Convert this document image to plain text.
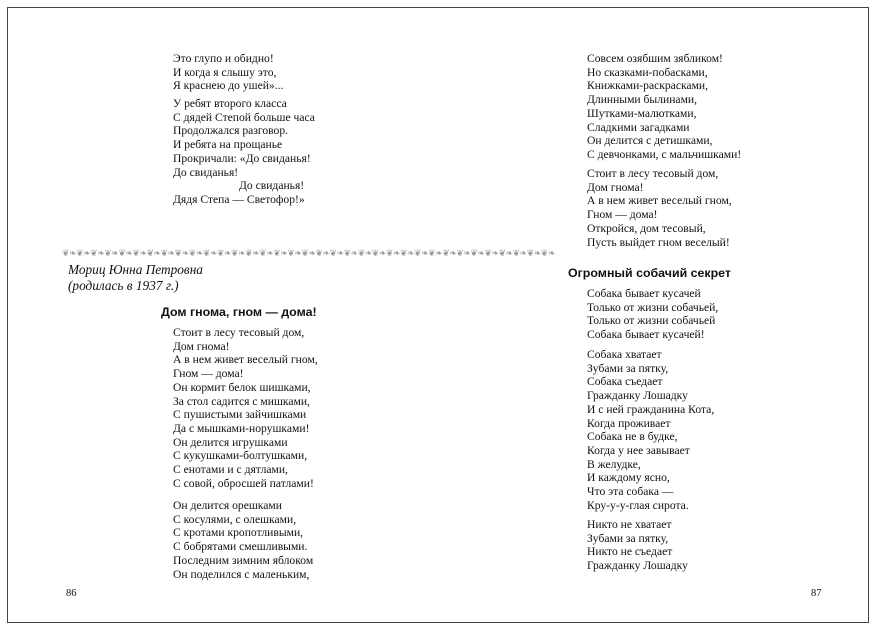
Это глупо и обидно!
И когда я слышу это,
Я краснею до ушей»...
У ребят второго класса
С дядей Степой больше часа
Продолжался разговор.
И ребята на прощанье
Прокричали: «До свиданья!
До свиданья!
До свиданья!
Дядя Степа — Светофор!»
❦❧❦❧❦❧❦❧❦❧❦❧❦❧❦❧❦❧❦❧❦❧❦❧❦❧❦❧❦❧❦❧❦❧❦❧❦❧❦❧❦❧❦❧❦❧❦❧❦❧❦❧❦❧❦❧❦❧❦❧❦❧❦❧❦❧❦❧❦❧
Мориц Юнна Петровна
(родилась в 1937 г.)
Дом гнома, гном — дома!
Стоит в лесу тесовый дом,
Дом гнома!
А в нем живет веселый гном,
Гном — дома!
Он кормит белок шишками,
За стол садится с мишками,
С пушистыми зайчишками
Да с мышками-норушками!
Он делится игрушками
С кукушками-болтушками,
С енотами и с дятлами,
С совой, обросшей патлами!
Он делится орешками
С косулями, с олешками,
С кротами кропотливыми,
С бобрятами смешливыми.
Последним зимним яблоком
Он поделился с маленьким,
86
Совсем озябшим зябликом!
Но сказками-побасками,
Книжками-раскрасками,
Длинными былинами,
Шутками-малютками,
Сладкими загадками
Он делится с детишками,
С девчонками, с мальчишками!
Стоит в лесу тесовый дом,
Дом гнома!
А в нем живет веселый гном,
Гном — дома!
Откройся, дом тесовый,
Пусть выйдет гном веселый!
Огромный собачий секрет
Собака бывает кусачей
Только от жизни собачьей,
Только от жизни собачьей
Собака бывает кусачей!
Собака хватает
Зубами за пятку,
Собака съедает
Гражданку Лошадку
И с ней гражданина Кота,
Когда проживает
Собака не в будке,
Когда у нее завывает
В желудке,
И каждому ясно,
Что эта собака —
Кру-у-у-глая сирота.
Никто не хватает
Зубами за пятку,
Никто не съедает
Гражданку Лошадку
87
